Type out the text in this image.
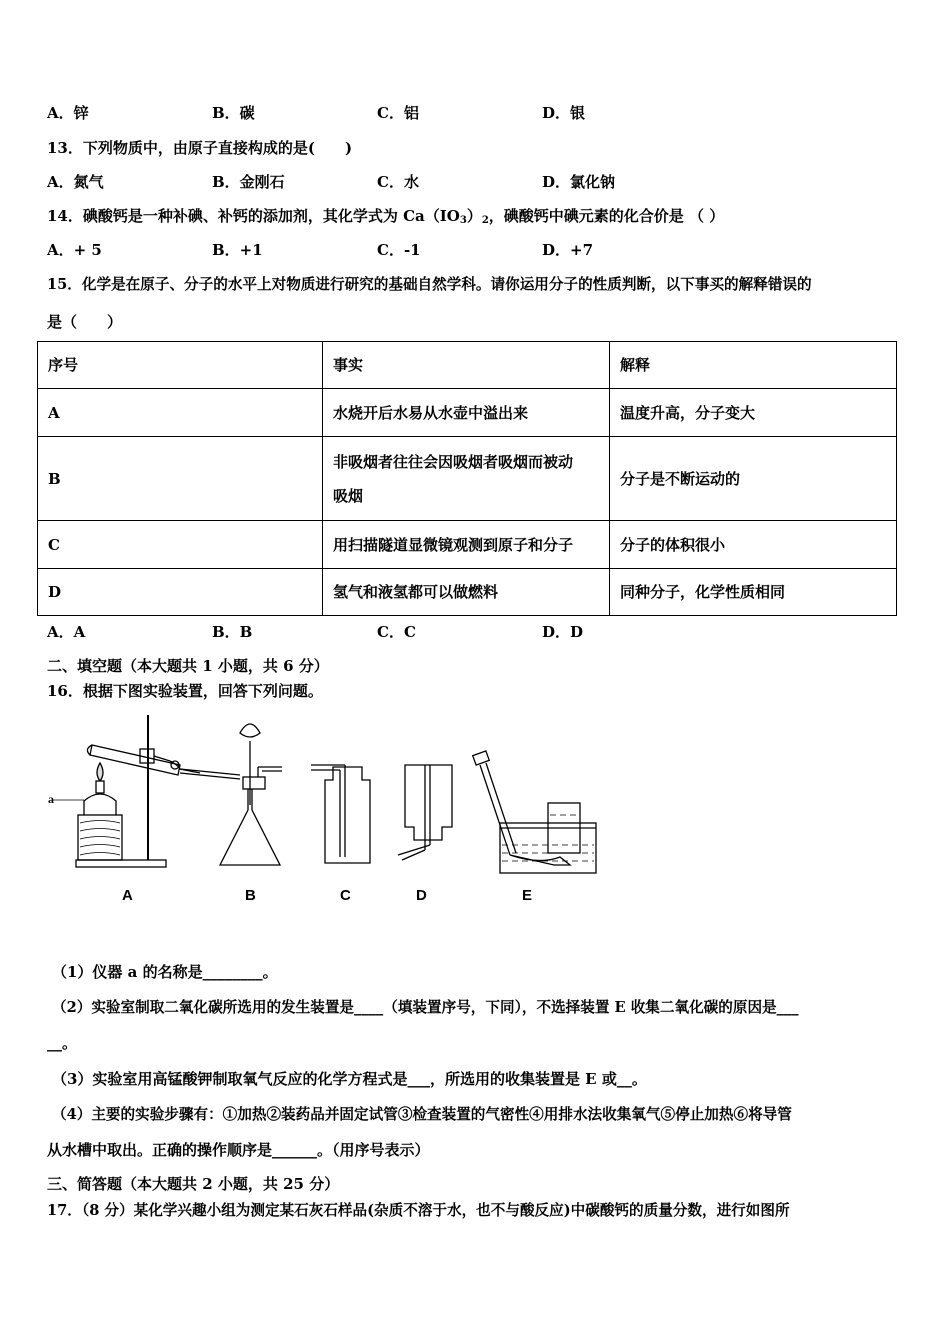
A．锌	B．碳	C．铝	D．银
13．下列物质中，由原子直接构成的是(　　)
A．氮气	B．金刚石	C．水	D．氯化钠
14．碘酸钙是一种补碘、补钙的添加剂，其化学式为 $Ca(IO_3)_2$，碘酸钙中碘元素的化合价是 （ ）
A．+ 5	B．+1	C．-1	D．+7
15．化学是在原子、分子的水平上对物质进行研究的基础自然学科。请你运用分子的性质判断，以下事买的解释错误的
是（　　）
序号	事实	解释
A	水烧开后水易从水壶中溢出来	温度升高，分子变大
B	非吸烟者往往会因吸烟者吸烟而被动
吸烟	分子是不断运动的
C	用扫描隧道显微镜观测到原子和分子	分子的体积很小
D	氢气和液氢都可以做燃料	同种分子，化学性质相同
A．A	B．B	C．C	D．D
二、填空题（本大题共 1 小题，共 6 分）
16．根据下图实验装置，回答下列问题。
a
A	B	C	D	E
（1）仪器 a 的名称是________。
（2）实验室制取二氧化碳所选用的发生装置是____（填装置序号，下同），不选择装置 E 收集二氧化碳的原因是___
__。
（3）实验室用高锰酸钾制取氧气反应的化学方程式是___，所选用的收集装置是 E 或__。
（4）主要的实验步骤有：①加热②装药品并固定试管③检查装置的气密性④用排水法收集氧气⑤停止加热⑥将导管
从水槽中取出。正确的操作顺序是______。（用序号表示）
三、简答题（本大题共 2 小题，共 25 分）
17．（8 分）某化学兴趣小组为测定某石灰石样品(杂质不溶于水，也不与酸反应)中碳酸钙的质量分数，进行如图所
